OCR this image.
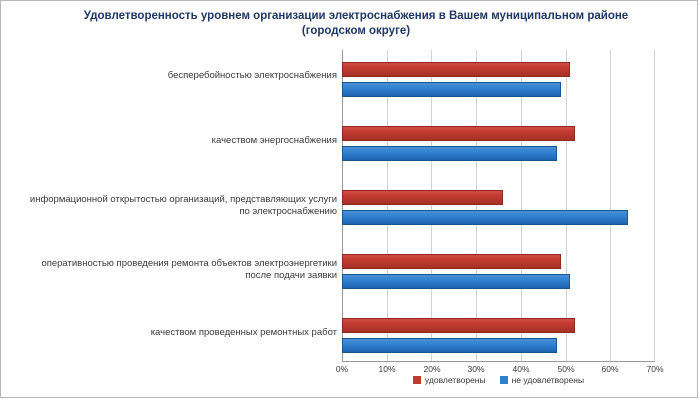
Удовлетворенность уровнем организации электроснабжения в Вашем муниципальном районе (городском округе)
бесперебойностью электроснабжения
качеством энергоснабжения
информационной открытостью организаций, представляющих услуги по электроснабжению
оперативностью проведения ремонта объектов электроэнергетики после подачи заявки
качеством проведенных ремонтных работ
0%	10%	20%	30%	40%	50%	60%	70%
удовлетворены	не удовлетворены
